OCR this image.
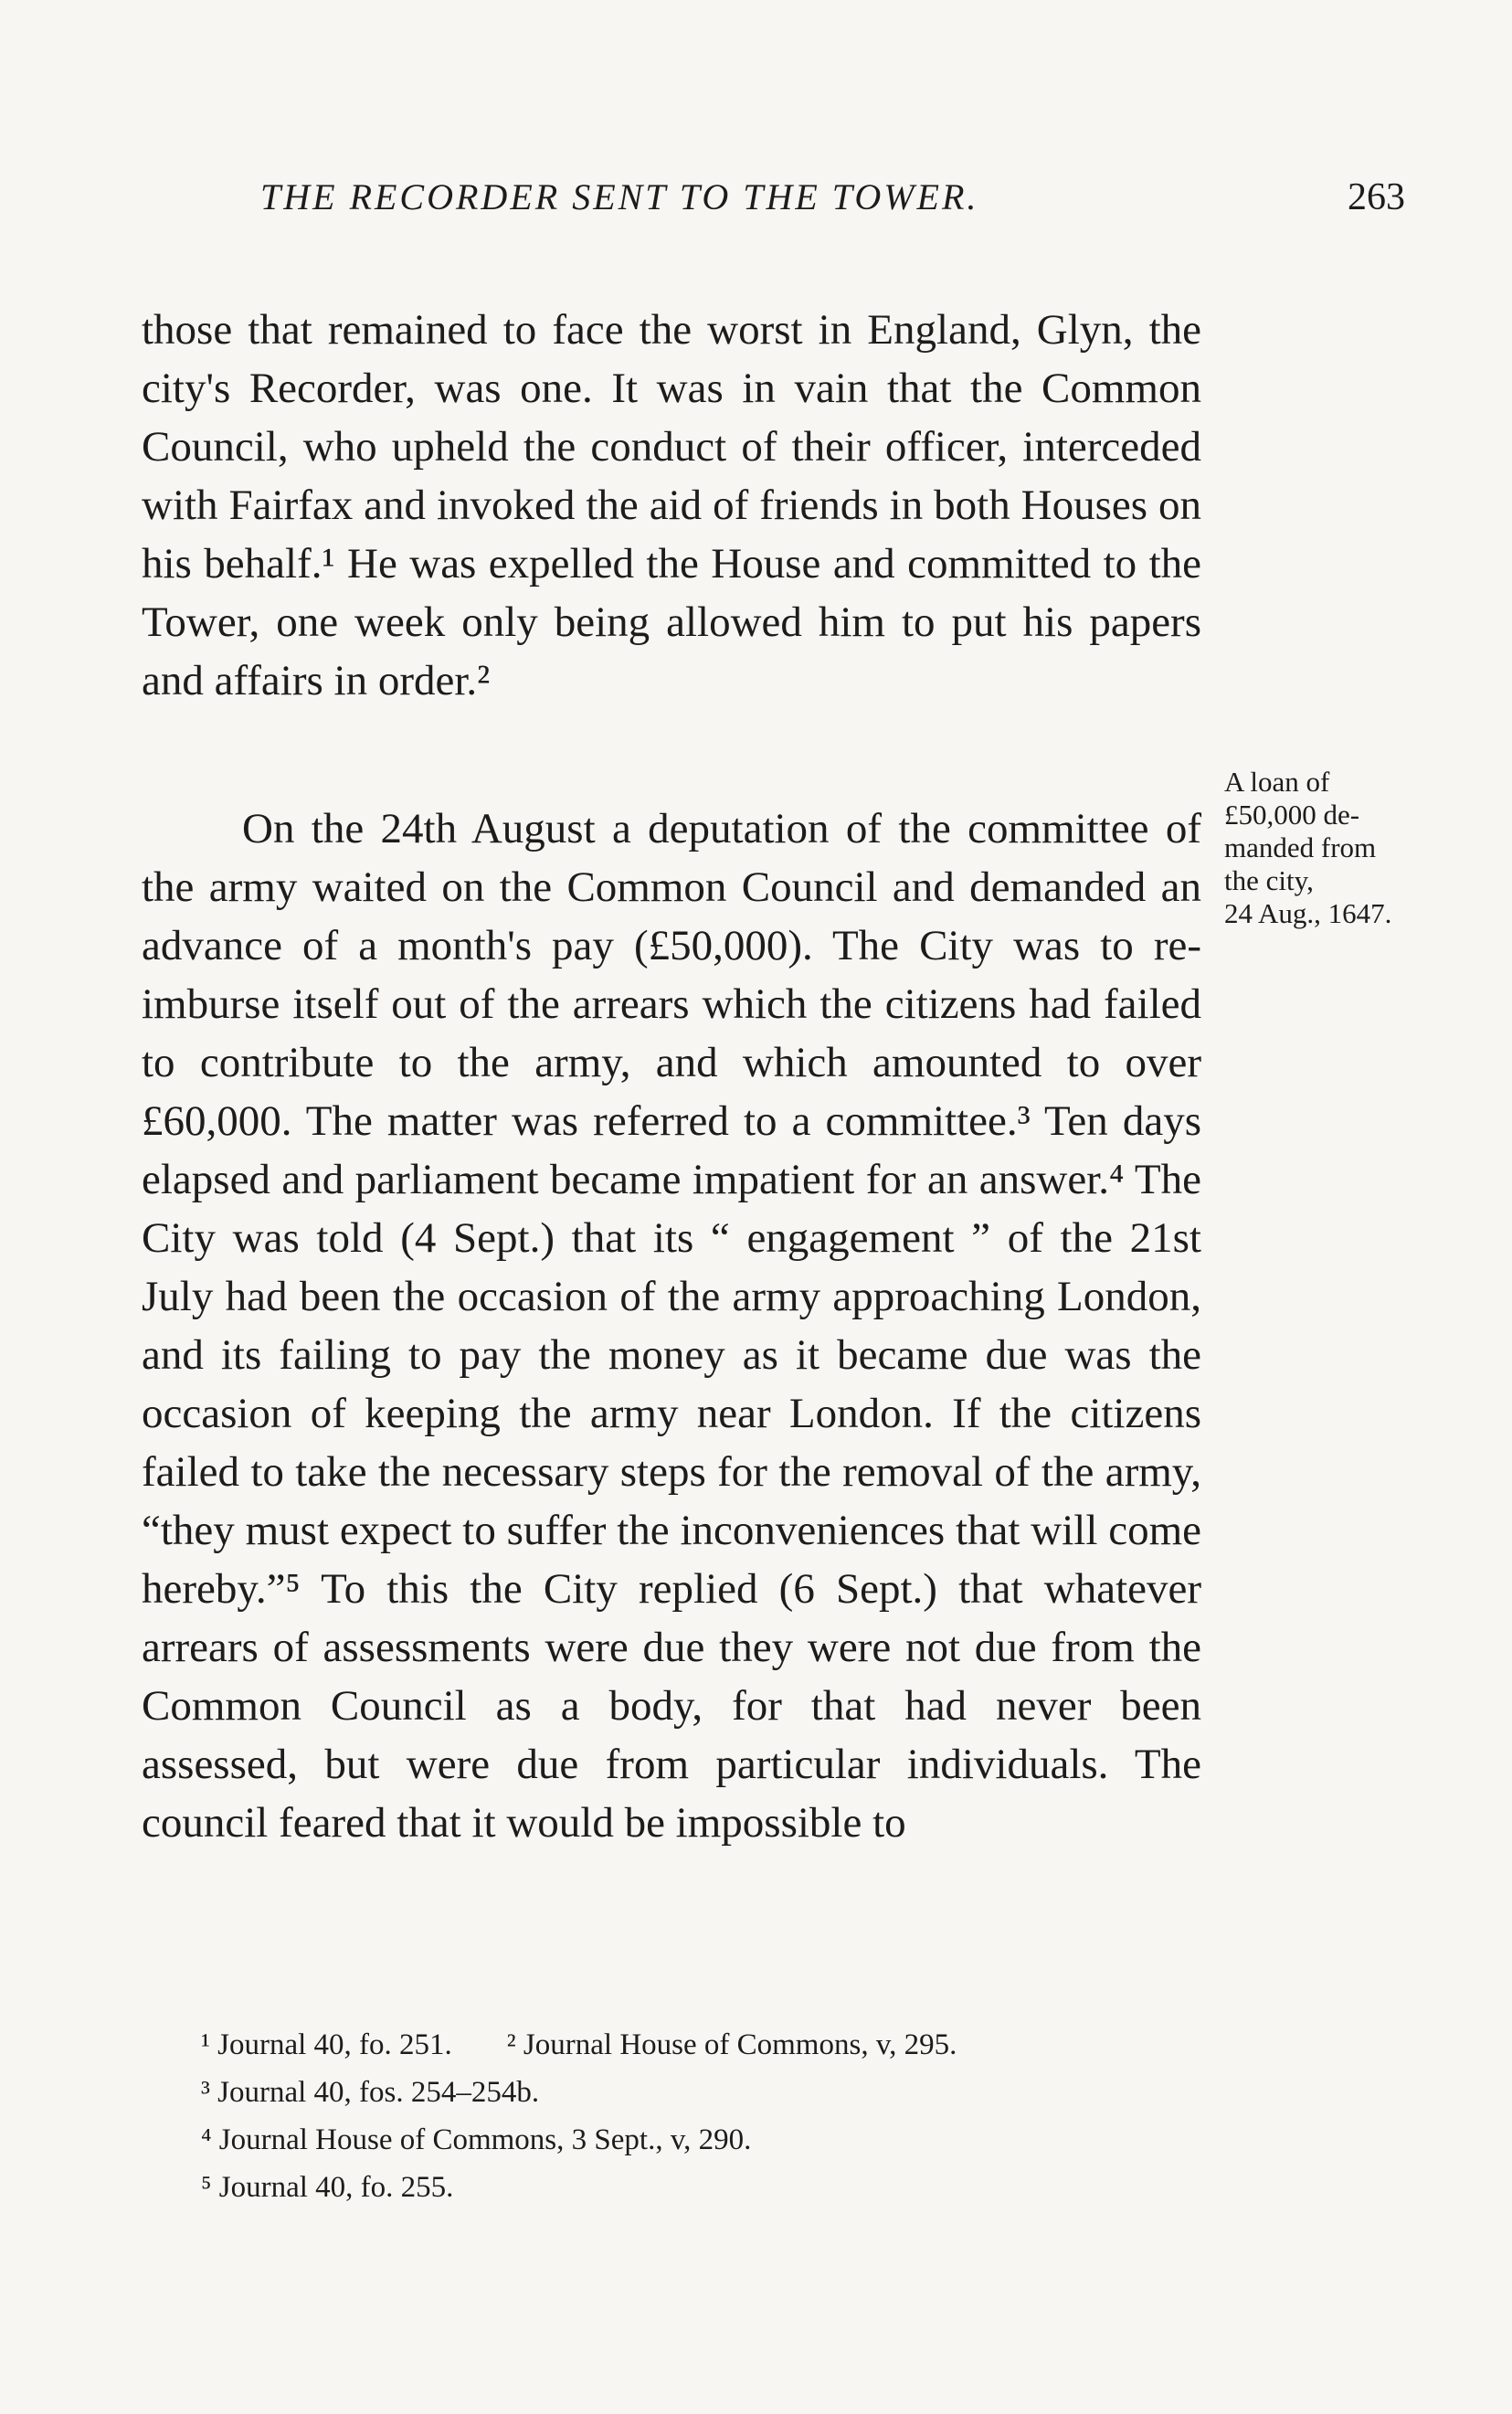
THE RECORDER SENT TO THE TOWER.	263

those that remained to face the worst in England, Glyn, the city's Recorder, was one. It was in vain that the Common Council, who upheld the conduct of their officer, interceded with Fairfax and invoked the aid of friends in both Houses on his behalf.¹ He was expelled the House and committed to the Tower, one week only being allowed him to put his papers and affairs in order.²

On the 24th August a deputation of the committee of the army waited on the Common Council and demanded an advance of a month's pay (£50,000). The City was to re-imburse itself out of the arrears which the citizens had failed to contribute to the army, and which amounted to over £60,000. The matter was referred to a committee.³ Ten days elapsed and parliament became impatient for an answer.⁴ The City was told (4 Sept.) that its “ engagement ” of the 21st July had been the occasion of the army approaching London, and its failing to pay the money as it became due was the occasion of keeping the army near London. If the citizens failed to take the necessary steps for the removal of the army, “they must expect to suffer the inconveniences that will come hereby.”⁵ To this the City replied (6 Sept.) that whatever arrears of assessments were due they were not due from the Common Council as a body, for that had never been assessed, but were due from particular individuals. The council feared that it would be impossible to

A loan of
£50,000 de-
manded from
the city,
24 Aug., 1647.
¹ Journal 40, fo. 251. ² Journal House of Commons, v, 295.
³ Journal 40, fos. 254–254b.
⁴ Journal House of Commons, 3 Sept., v, 290.
⁵ Journal 40, fo. 255.
